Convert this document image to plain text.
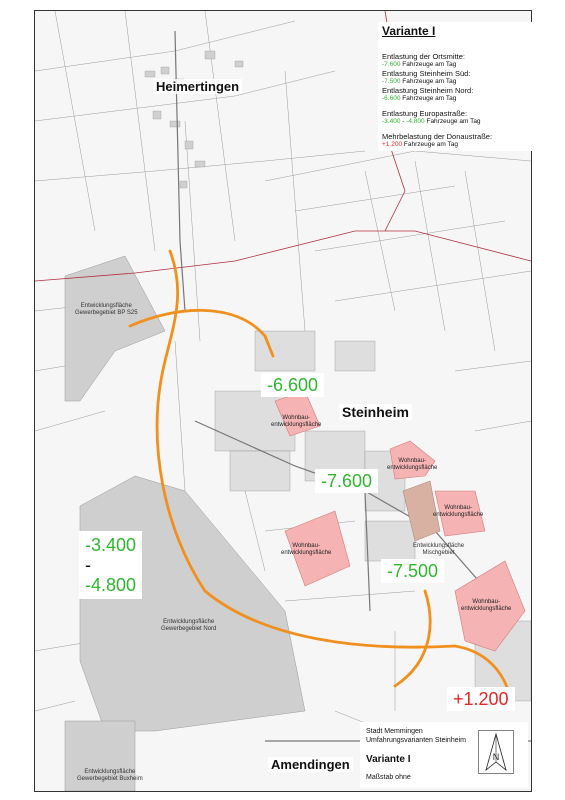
Heimertingen
Steinheim
Amendingen
Entwicklungsfläche
Gewerbegebiet BP S25
Entwicklungsfläche
Gewerbegebiet Nord
Entwicklungsfläche
Gewerbegebiet Buxheim
Entwicklungsfläche
Mischgebiet
Wohnbau-
entwicklungsfläche
Wohnbau-
entwicklungsfläche
Wohnbau-
entwicklungsfläche
Wohnbau-
entwicklungsfläche
Wohnbau-
entwicklungsfläche
-6.600
-7.600
-7.500
-3.400
-
-4.800
+1.200
Variante I
Entlastung der Ortsmitte:
-7.600 Fahrzeuge am Tag
Entlastung Steinheim Süd:
-7.500 Fahrzeuge am Tag
Entlastung Steinheim Nord:
-6.600 Fahrzeuge am Tag
Entlastung Europastraße:
-3.400 - -4.800 Fahrzeuge am Tag
Mehrbelastung der Donaustraße:
+1.200 Fahrzeuge am Tag
Stadt Memmingen
Umfahrungsvarianten Steinheim
Variante I
Maßstab ohne
N
